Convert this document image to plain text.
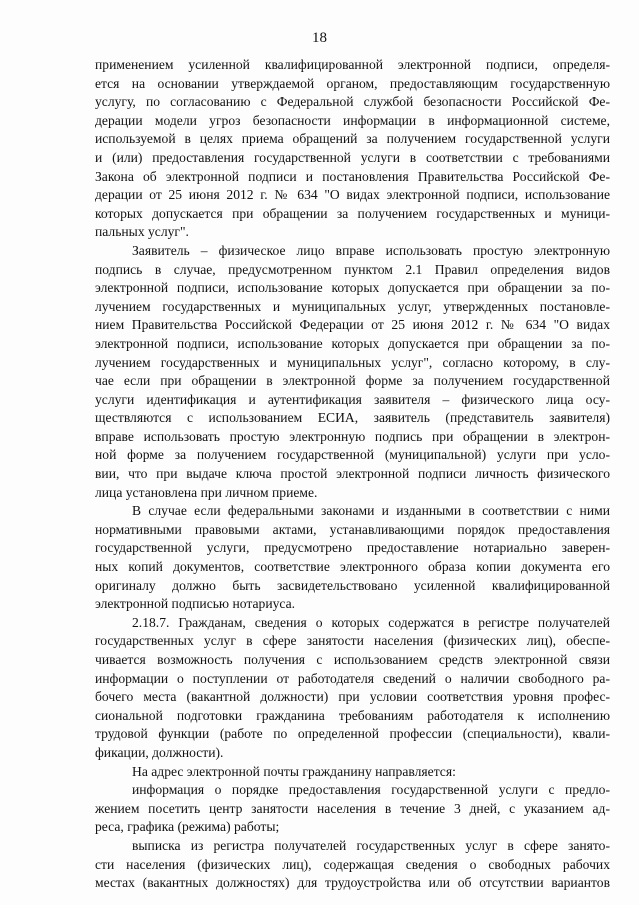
18
применением усиленной квалифицированной электронной подписи, определя-
ется на основании утверждаемой органом, предоставляющим государственную
услугу, по согласованию с Федеральной службой безопасности Российской Фе-
дерации модели угроз безопасности информации в информационной системе,
используемой в целях приема обращений за получением государственной услуги
и (или) предоставления государственной услуги в соответствии с требованиями
Закона об электронной подписи и постановления Правительства Российской Фе-
дерации от 25 июня 2012 г. № 634 "О видах электронной подписи, использование
которых допускается при обращении за получением государственных и муници-
пальных услуг".
Заявитель – физическое лицо вправе использовать простую электронную
подпись в случае, предусмотренном пунктом 2.1 Правил определения видов
электронной подписи, использование которых допускается при обращении за по-
лучением государственных и муниципальных услуг, утвержденных постановле-
нием Правительства Российской Федерации от 25 июня 2012 г. № 634 "О видах
электронной подписи, использование которых допускается при обращении за по-
лучением государственных и муниципальных услуг", согласно которому, в слу-
чае если при обращении в электронной форме за получением государственной
услуги идентификация и аутентификация заявителя – физического лица осу-
ществляются с использованием ЕСИА, заявитель (представитель заявителя)
вправе использовать простую электронную подпись при обращении в электрон-
ной форме за получением государственной (муниципальной) услуги при усло-
вии, что при выдаче ключа простой электронной подписи личность физического
лица установлена при личном приеме.
В случае если федеральными законами и изданными в соответствии с ними
нормативными правовыми актами, устанавливающими порядок предоставления
государственной услуги, предусмотрено предоставление нотариально заверен-
ных копий документов, соответствие электронного образа копии документа его
оригиналу должно быть засвидетельствовано усиленной квалифицированной
электронной подписью нотариуса.
2.18.7. Гражданам, сведения о которых содержатся в регистре получателей
государственных услуг в сфере занятости населения (физических лиц), обеспе-
чивается возможность получения с использованием средств электронной связи
информации о поступлении от работодателя сведений о наличии свободного ра-
бочего места (вакантной должности) при условии соответствия уровня профес-
сиональной подготовки гражданина требованиям работодателя к исполнению
трудовой функции (работе по определенной профессии (специальности), квали-
фикации, должности).
На адрес электронной почты гражданину направляется:
информация о порядке предоставления государственной услуги с предло-
жением посетить центр занятости населения в течение 3 дней, с указанием ад-
реса, графика (режима) работы;
выписка из регистра получателей государственных услуг в сфере занято-
сти населения (физических лиц), содержащая сведения о свободных рабочих
местах (вакантных должностях) для трудоустройства или об отсутствии вариантов
